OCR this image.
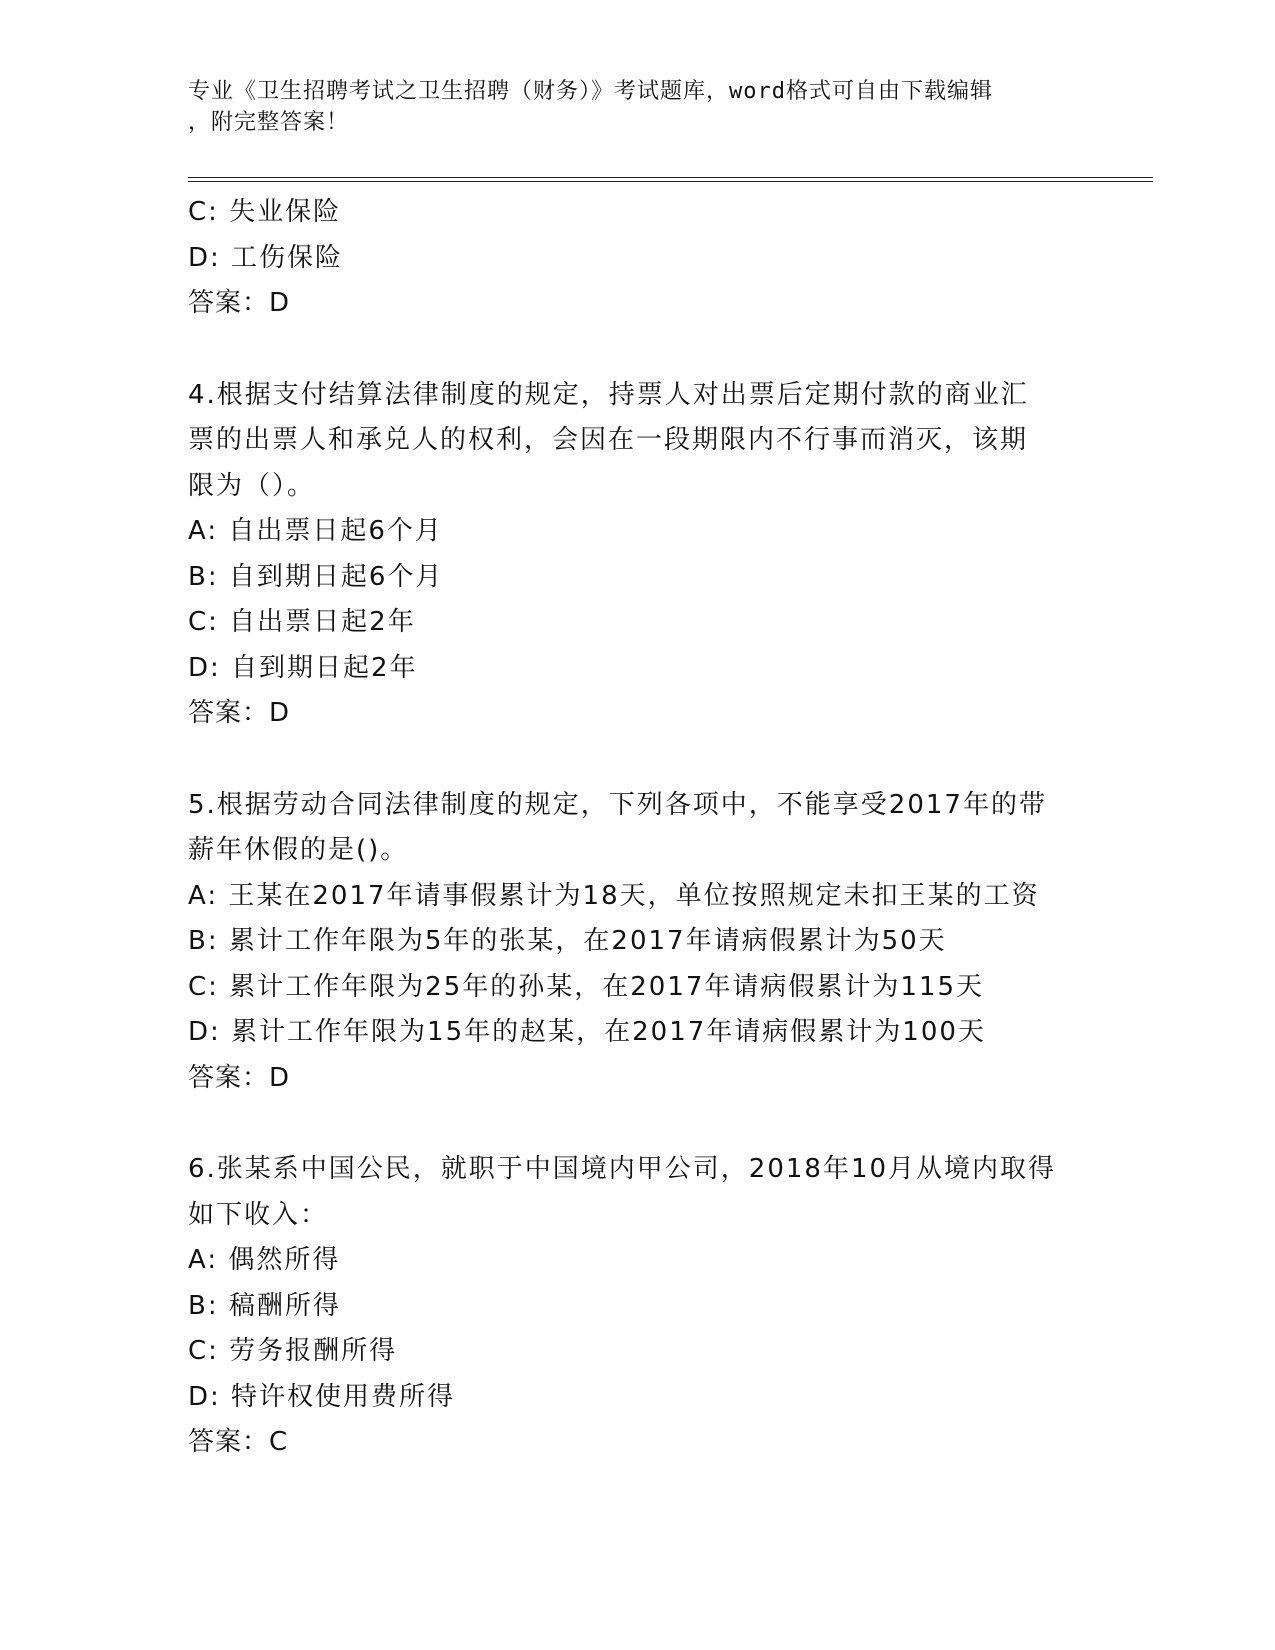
专业《卫生招聘考试之卫生招聘（财务）》考试题库，word格式可自由下载编辑
，附完整答案！
C: 失业保险
D: 工伤保险
答案：D
4.根据支付结算法律制度的规定，持票人对出票后定期付款的商业汇
票的出票人和承兑人的权利，会因在一段期限内不行事而消灭，该期
限为（）。
A: 自出票日起6个月
B: 自到期日起6个月
C: 自出票日起2年
D: 自到期日起2年
答案：D
5.根据劳动合同法律制度的规定，下列各项中，不能享受2017年的带
薪年休假的是()。
A: 王某在2017年请事假累计为18天，单位按照规定未扣王某的工资
B: 累计工作年限为5年的张某，在2017年请病假累计为50天
C: 累计工作年限为25年的孙某，在2017年请病假累计为115天
D: 累计工作年限为15年的赵某，在2017年请病假累计为100天
答案：D
6.张某系中国公民，就职于中国境内甲公司，2018年10月从境内取得
如下收入：
A: 偶然所得
B: 稿酬所得
C: 劳务报酬所得
D: 特许权使用费所得
答案：C
